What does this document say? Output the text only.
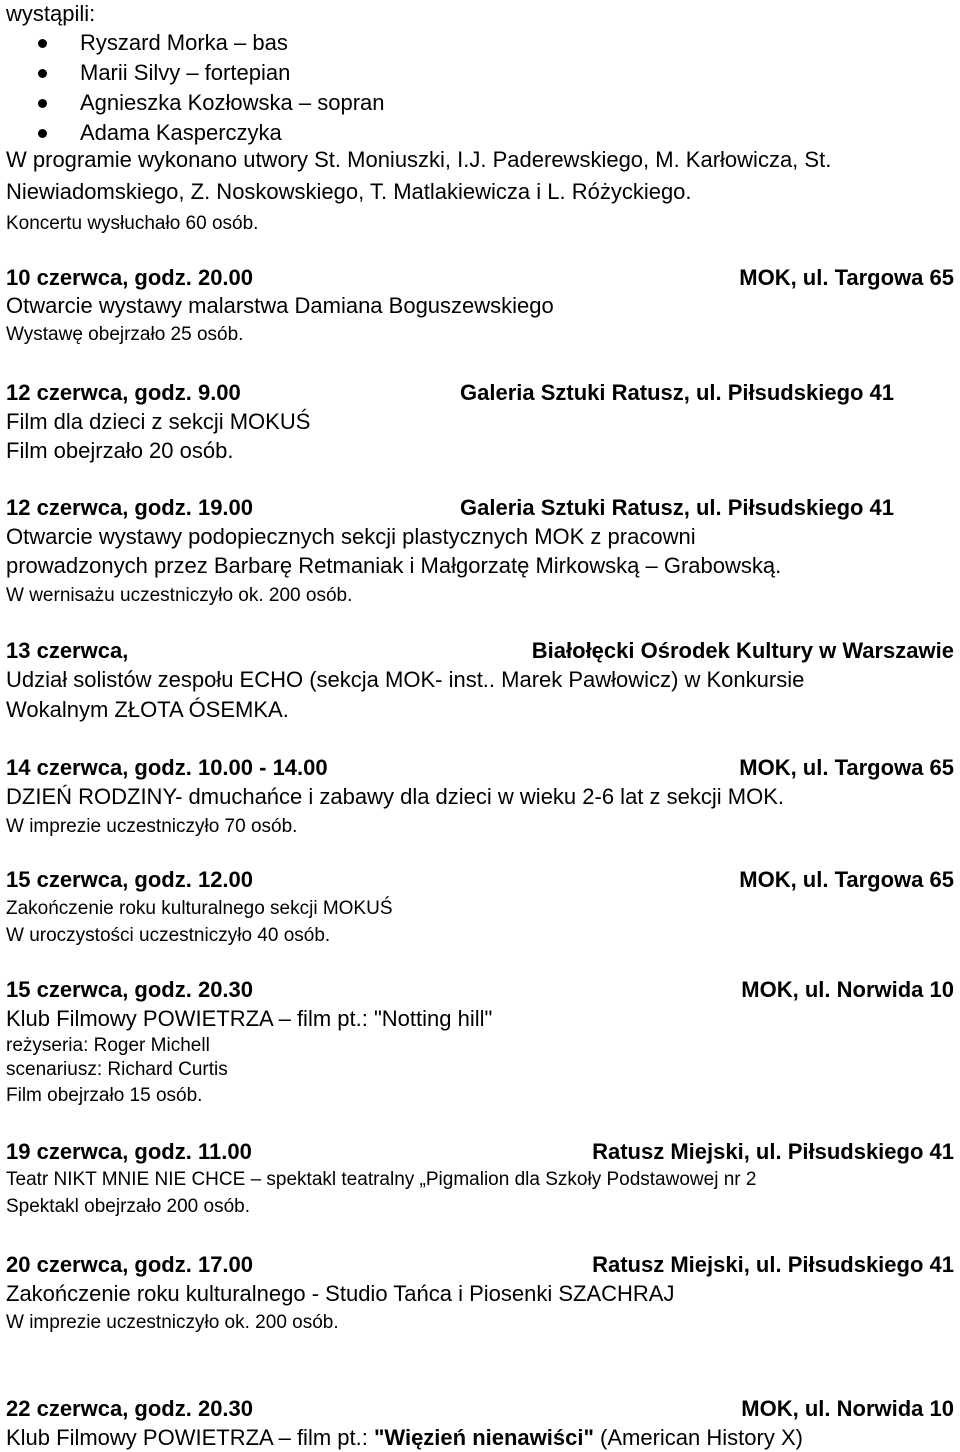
wystąpili:
Ryszard Morka – bas
Marii Silvy – fortepian
Agnieszka Kozłowska – sopran
Adama Kasperczyka
W programie wykonano utwory St. Moniuszki, I.J. Paderewskiego, M. Karłowicza, St.
Niewiadomskiego, Z. Noskowskiego, T. Matlakiewicza i L. Różyckiego.
Koncertu wysłuchało 60 osób.
10 czerwca, godz. 20.00	MOK, ul. Targowa 65
Otwarcie wystawy malarstwa Damiana Boguszewskiego
Wystawę obejrzało 25 osób.
12 czerwca, godz. 9.00	Galeria Sztuki Ratusz, ul. Piłsudskiego 41
Film dla dzieci z sekcji MOKUŚ
Film obejrzało 20 osób.
12 czerwca, godz. 19.00	Galeria Sztuki Ratusz, ul. Piłsudskiego 41
Otwarcie wystawy podopiecznych sekcji plastycznych MOK z pracowni
prowadzonych przez Barbarę Retmaniak i Małgorzatę Mirkowską – Grabowską.
W wernisażu uczestniczyło ok. 200 osób.
13 czerwca,	Białołęcki Ośrodek Kultury w Warszawie
Udział solistów zespołu ECHO (sekcja MOK- inst.. Marek Pawłowicz) w Konkursie
Wokalnym ZŁOTA ÓSEMKA.
14 czerwca, godz. 10.00 - 14.00	MOK, ul. Targowa 65
DZIEŃ RODZINY- dmuchańce i zabawy dla dzieci w wieku 2-6 lat z sekcji MOK.
W imprezie uczestniczyło 70 osób.
15 czerwca, godz. 12.00	MOK, ul. Targowa 65
Zakończenie roku kulturalnego sekcji MOKUŚ
W uroczystości uczestniczyło 40 osób.
15 czerwca, godz. 20.30	MOK, ul. Norwida 10
Klub Filmowy POWIETRZA – film pt.: "Notting hill"
reżyseria: Roger Michell
scenariusz: Richard Curtis
Film obejrzało 15 osób.
19 czerwca, godz. 11.00	Ratusz Miejski, ul. Piłsudskiego 41
Teatr NIKT MNIE NIE CHCE – spektakl teatralny „Pigmalion dla Szkoły Podstawowej nr 2
Spektakl obejrzało 200 osób.
20 czerwca, godz. 17.00	Ratusz Miejski, ul. Piłsudskiego 41
Zakończenie roku kulturalnego - Studio Tańca i Piosenki SZACHRAJ
W imprezie uczestniczyło ok. 200 osób.
22 czerwca, godz. 20.30	MOK, ul. Norwida 10
Klub Filmowy POWIETRZA – film pt.: "Więzień nienawiści" (American History X)
